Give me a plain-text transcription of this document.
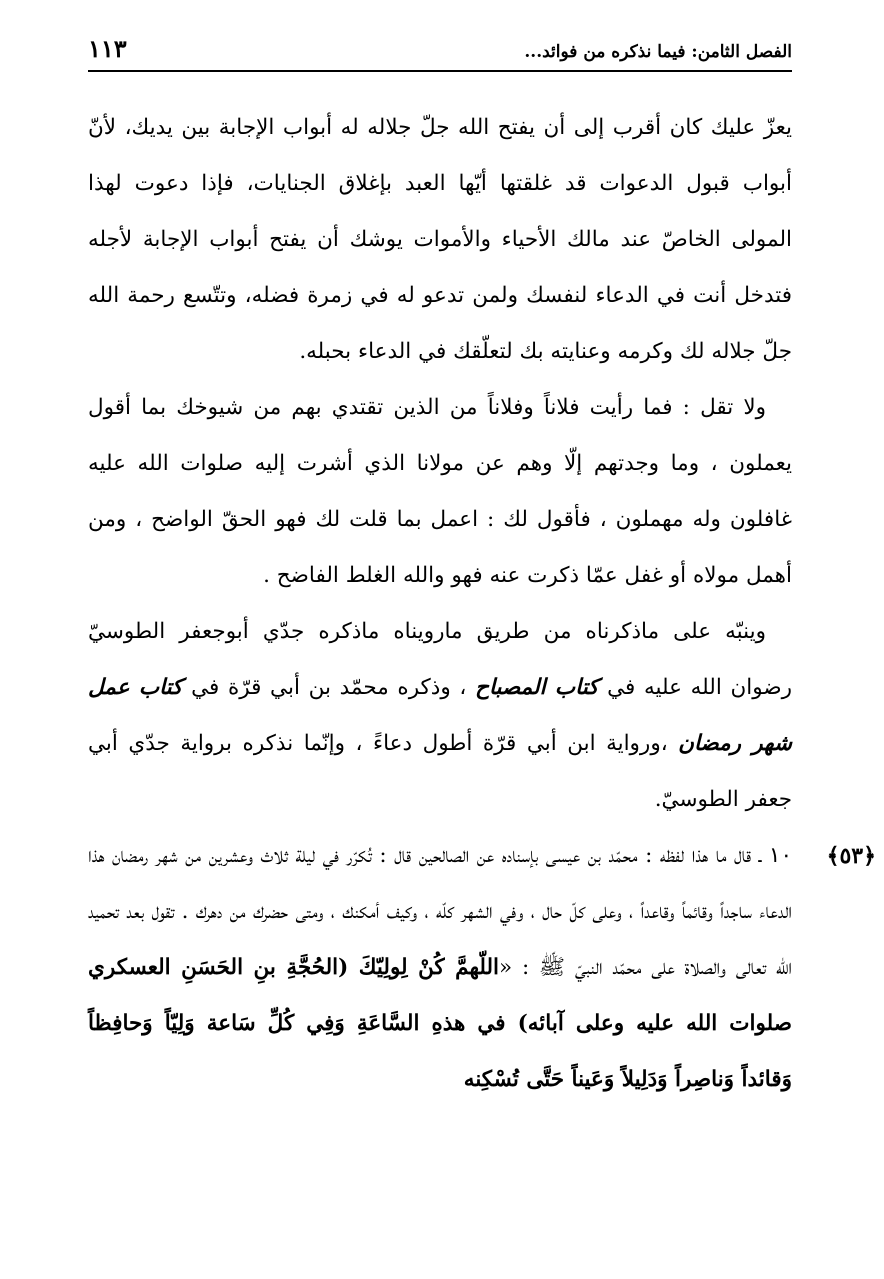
الفصل الثامن: فيما نذكره من فوائد...
١١٣

يعزّ عليك كان أقرب إلى أن يفتح الله جلّ جلاله له أبواب الإجابة بين يديك، لأنّ أبواب قبول الدعوات قد غلقتها أيّها العبد بإغلاق الجنايات، فإذا دعوت لهذا المولى الخاصّ عند مالك الأحياء والأموات يوشك أن يفتح أبواب الإجابة لأجله فتدخل أنت في الدعاء لنفسك ولمن تدعو له في زمرة فضله، وتتّسع رحمة الله جلّ جلاله لك وكرمه وعنايته بك لتعلّقك في الدعاء بحبله.

ولا تقل : فما رأيت فلاناً وفلاناً من الذين تقتدي بهم من شيوخك بما أقول يعملون ، وما وجدتهم إلّا وهم عن مولانا الذي أشرت إليه صلوات الله عليه غافلون وله مهملون ، فأقول لك : اعمل بما قلت لك فهو الحقّ الواضح ، ومن أهمل مولاه أو غفل عمّا ذكرت عنه فهو والله الغلط الفاضح .

وينبّه على ماذكرناه من طريق مارويناه ماذكره جدّي أبوجعفر الطوسيّ رضوان الله عليه في كتاب المصباح ، وذكره محمّد بن أبي قرّة في كتاب عمل شهر رمضان ،ورواية ابن أبي قرّة أطول دعاءً ، وإنّما نذكره برواية جدّي أبي جعفر الطوسيّ.

﴿٥٣﴾
١٠ ـ قال ما هذا لفظه : محمّد بن عيسى بإسناده عن الصالحين قال : تُكرّر في ليلة ثلاث وعشرين من شهر رمضان هذا الدعاء ساجداً وقائماً وقاعداً ، وعلى كلّ حال ، وفي الشهر كلّه ، وكيف أمكنك ، ومتى حضرك من دهرك . تقول بعد تحميد الله تعالى والصلاة على محمّد النبيّ ﷺ : «اللّهمَّ كُنْ لِولِيّكَ (الحُجَّةِ بنِ الحَسَنِ العسكري صلوات الله عليه وعلى آبائه) في هذهِ السَّاعَةِ وَفِي كُلِّ سَاعة وَلِيّاً وَحافِظاً وَقائداً وَناصِراً وَدَلِيلاً وَعَيناً حَتَّى تُسْكِنه
